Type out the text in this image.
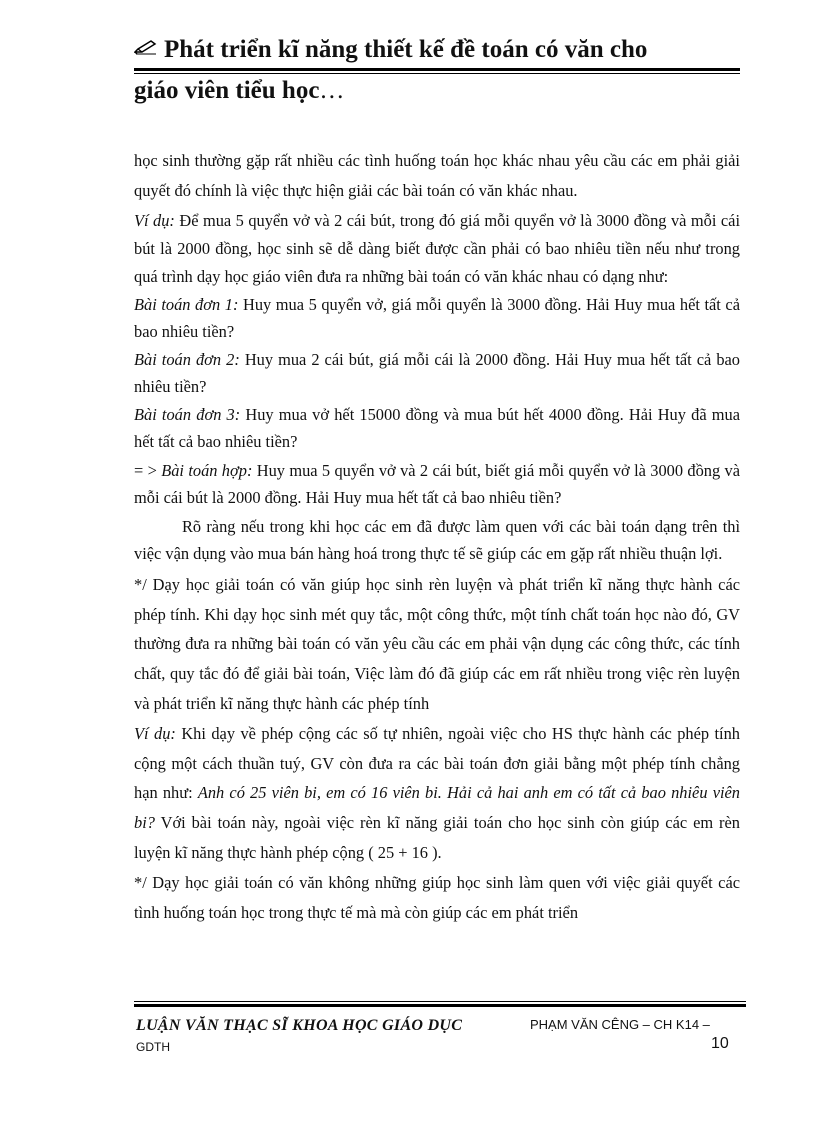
Phát triển kĩ năng thiết kế đề toán có văn cho
giáo viên tiểu học…

học sinh thường gặp rất nhiều các tình huống toán học khác nhau yêu cầu các em phải giải quyết đó chính là việc thực hiện giải các bài toán có văn khác nhau.

Ví dụ: Để mua 5 quyển vở và 2 cái bút, trong đó giá mỗi quyển vở là 3000 đồng và mỗi cái bút là 2000 đồng, học sinh sẽ dễ dàng biết được cần phải có bao nhiêu tiền nếu như trong quá trình dạy học giáo viên đưa ra những bài toán có văn khác nhau có dạng như:

Bài toán đơn 1: Huy mua 5 quyển vở, giá mỗi quyển là 3000 đồng. Hải Huy mua hết tất cả bao nhiêu tiền?

Bài toán đơn 2: Huy mua 2 cái bút, giá mỗi cái là 2000 đồng. Hải Huy mua hết tất cả bao nhiêu tiền?

Bài toán đơn 3: Huy mua vở hết 15000 đồng và mua bút hết 4000 đồng. Hải Huy đã mua hết tất cả bao nhiêu tiền?

= > Bài toán hợp: Huy mua 5 quyển vở và 2 cái bút, biết giá mỗi quyển vở là 3000 đồng và mỗi cái bút là 2000 đồng. Hải Huy mua hết tất cả bao nhiêu tiền?

Rõ ràng nếu trong khi học các em đã được làm quen với các bài toán dạng trên thì việc vận dụng vào mua bán hàng hoá trong thực tế sẽ giúp các em gặp rất nhiều thuận lợi.

*/ Dạy học giải toán có văn giúp học sinh rèn luyện và phát triển kĩ năng thực hành các phép tính. Khi dạy học sinh mét quy tắc, một công thức, một tính chất toán học nào đó, GV thường đưa ra những bài toán có văn yêu cầu các em phải vận dụng các công thức, các tính chất, quy tắc đó để giải bài toán, Việc làm đó đã giúp các em rất nhiều trong việc rèn luyện và phát triển kĩ năng thực hành các phép tính

Ví dụ: Khi dạy về phép cộng các số tự nhiên, ngoài việc cho HS thực hành các phép tính cộng một cách thuần tuý, GV còn đưa ra các bài toán đơn giải bằng một phép tính chẳng hạn như: Anh có 25 viên bi, em có 16 viên bi. Hải cả hai anh em có tất cả bao nhiêu viên bi? Với bài toán này, ngoài việc rèn kĩ năng giải toán cho học sinh còn giúp các em rèn luyện kĩ năng thực hành phép cộng ( 25 + 16 ).

*/ Dạy học giải toán có văn không những giúp học sinh làm quen với việc giải quyết các tình huống toán học trong thực tế mà mà còn giúp các em phát triển

LUẬN VĂN THẠC SĨ KHOA HỌC GIÁO DỤC	PHẠM VĂN CÊNG – CH K14 –
GDTH	10
